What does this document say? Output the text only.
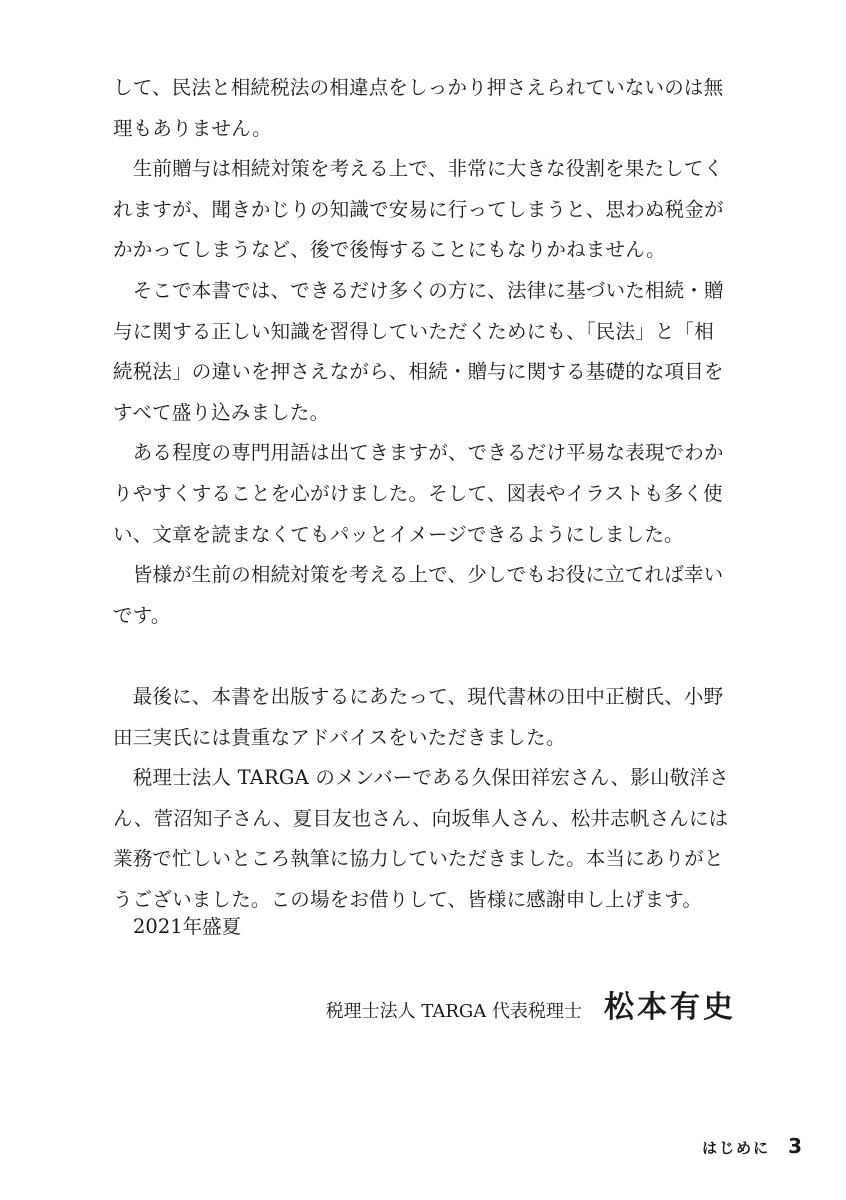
して、民法と相続税法の相違点をしっかり押さえられていないのは無
理もありません。
　生前贈与は相続対策を考える上で、非常に大きな役割を果たしてく
れますが、聞きかじりの知識で安易に行ってしまうと、思わぬ税金が
かかってしまうなど、後で後悔することにもなりかねません。
　そこで本書では、できるだけ多くの方に、法律に基づいた相続・贈
与に関する正しい知識を習得していただくためにも、「民法」と「相
続税法」の違いを押さえながら、相続・贈与に関する基礎的な項目を
すべて盛り込みました。
　ある程度の専門用語は出てきますが、できるだけ平易な表現でわか
りやすくすることを心がけました。そして、図表やイラストも多く使
い、文章を読まなくてもパッとイメージできるようにしました。
　皆様が生前の相続対策を考える上で、少しでもお役に立てれば幸い
です。
　最後に、本書を出版するにあたって、現代書林の田中正樹氏、小野
田三実氏には貴重なアドバイスをいただきました。
　税理士法人 TARGA のメンバーである久保田祥宏さん、影山敬洋さ
ん、菅沼知子さん、夏目友也さん、向坂隼人さん、松井志帆さんには
業務で忙しいところ執筆に協力していただきました。本当にありがと
うございました。この場をお借りして、皆様に感謝申し上げます。
2021年盛夏
税理士法人 TARGA 代表税理士 松本有史
はじめに 3
